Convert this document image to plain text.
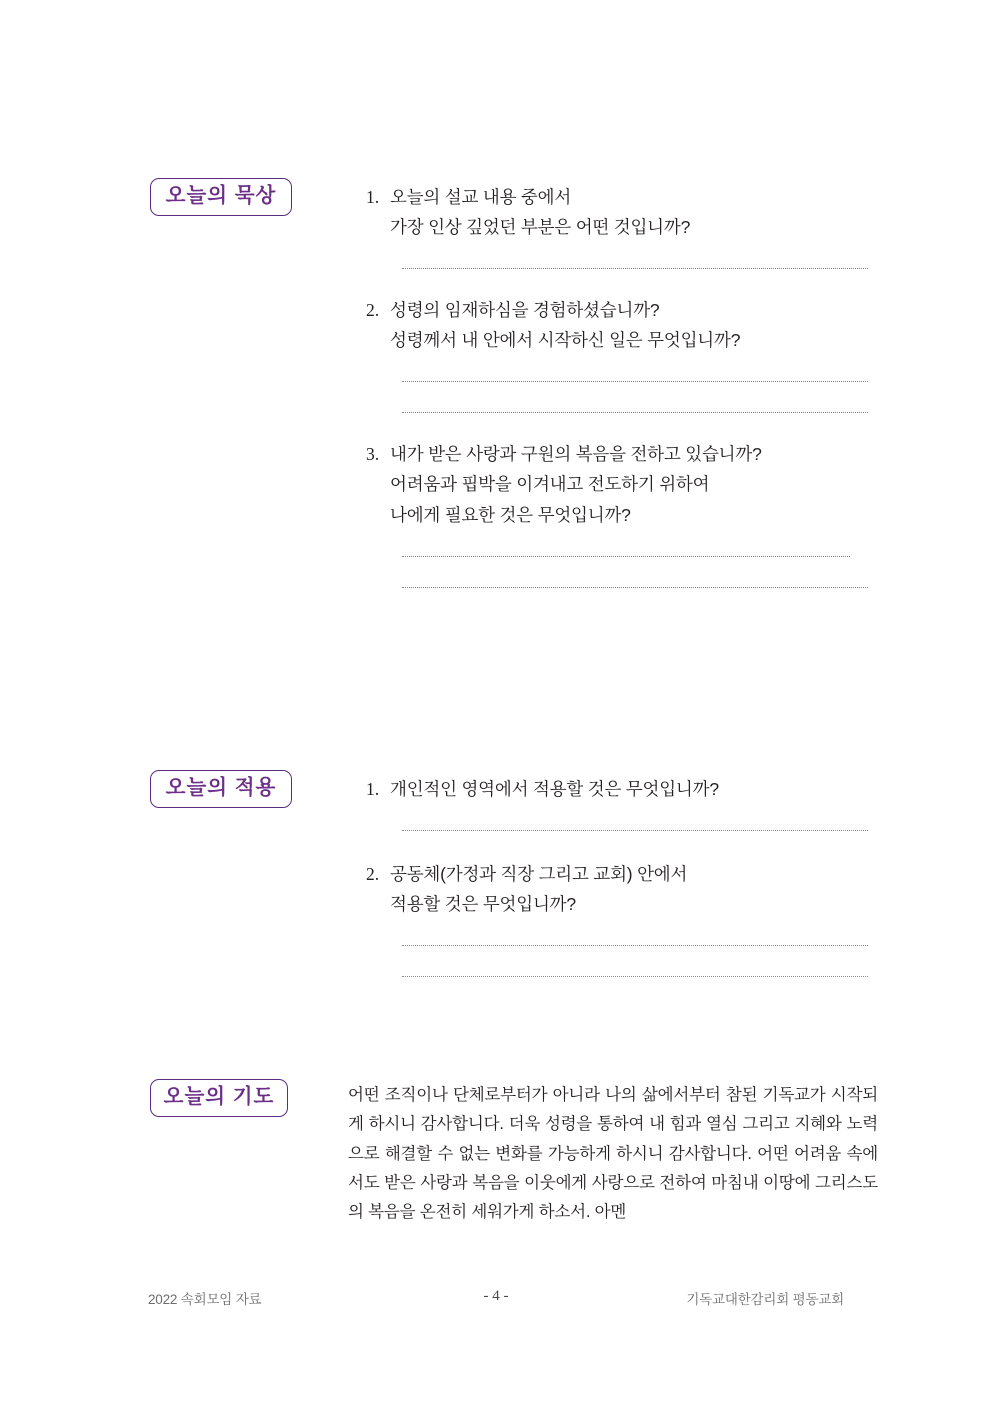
오늘의 묵상	1. 오늘의 설교 내용 중에서
가장 인상 깊었던 부분은 어떤 것입니까?
2. 성령의 임재하심을 경험하셨습니까?
성령께서 내 안에서 시작하신 일은 무엇입니까?
3. 내가 받은 사랑과 구원의 복음을 전하고 있습니까?
어려움과 핍박을 이겨내고 전도하기 위하여
나에게 필요한 것은 무엇입니까?
오늘의 적용	1. 개인적인 영역에서 적용할 것은 무엇입니까?
2. 공동체(가정과 직장 그리고 교회) 안에서
적용할 것은 무엇입니까?
오늘의 기도	어떤 조직이나 단체로부터가 아니라 나의 삶에서부터 참된 기독교가 시작되게 하시니 감사합니다. 더욱 성령을 통하여 내 힘과 열심 그리고 지혜와 노력으로 해결할 수 없는 변화를 가능하게 하시니 감사합니다. 어떤 어려움 속에서도 받은 사랑과 복음을 이웃에게 사랑으로 전하여 마침내 이땅에 그리스도의 복음을 온전히 세워가게 하소서. 아멘
2022 속회모임 자료	- 4 -	기독교대한감리회 평동교회
